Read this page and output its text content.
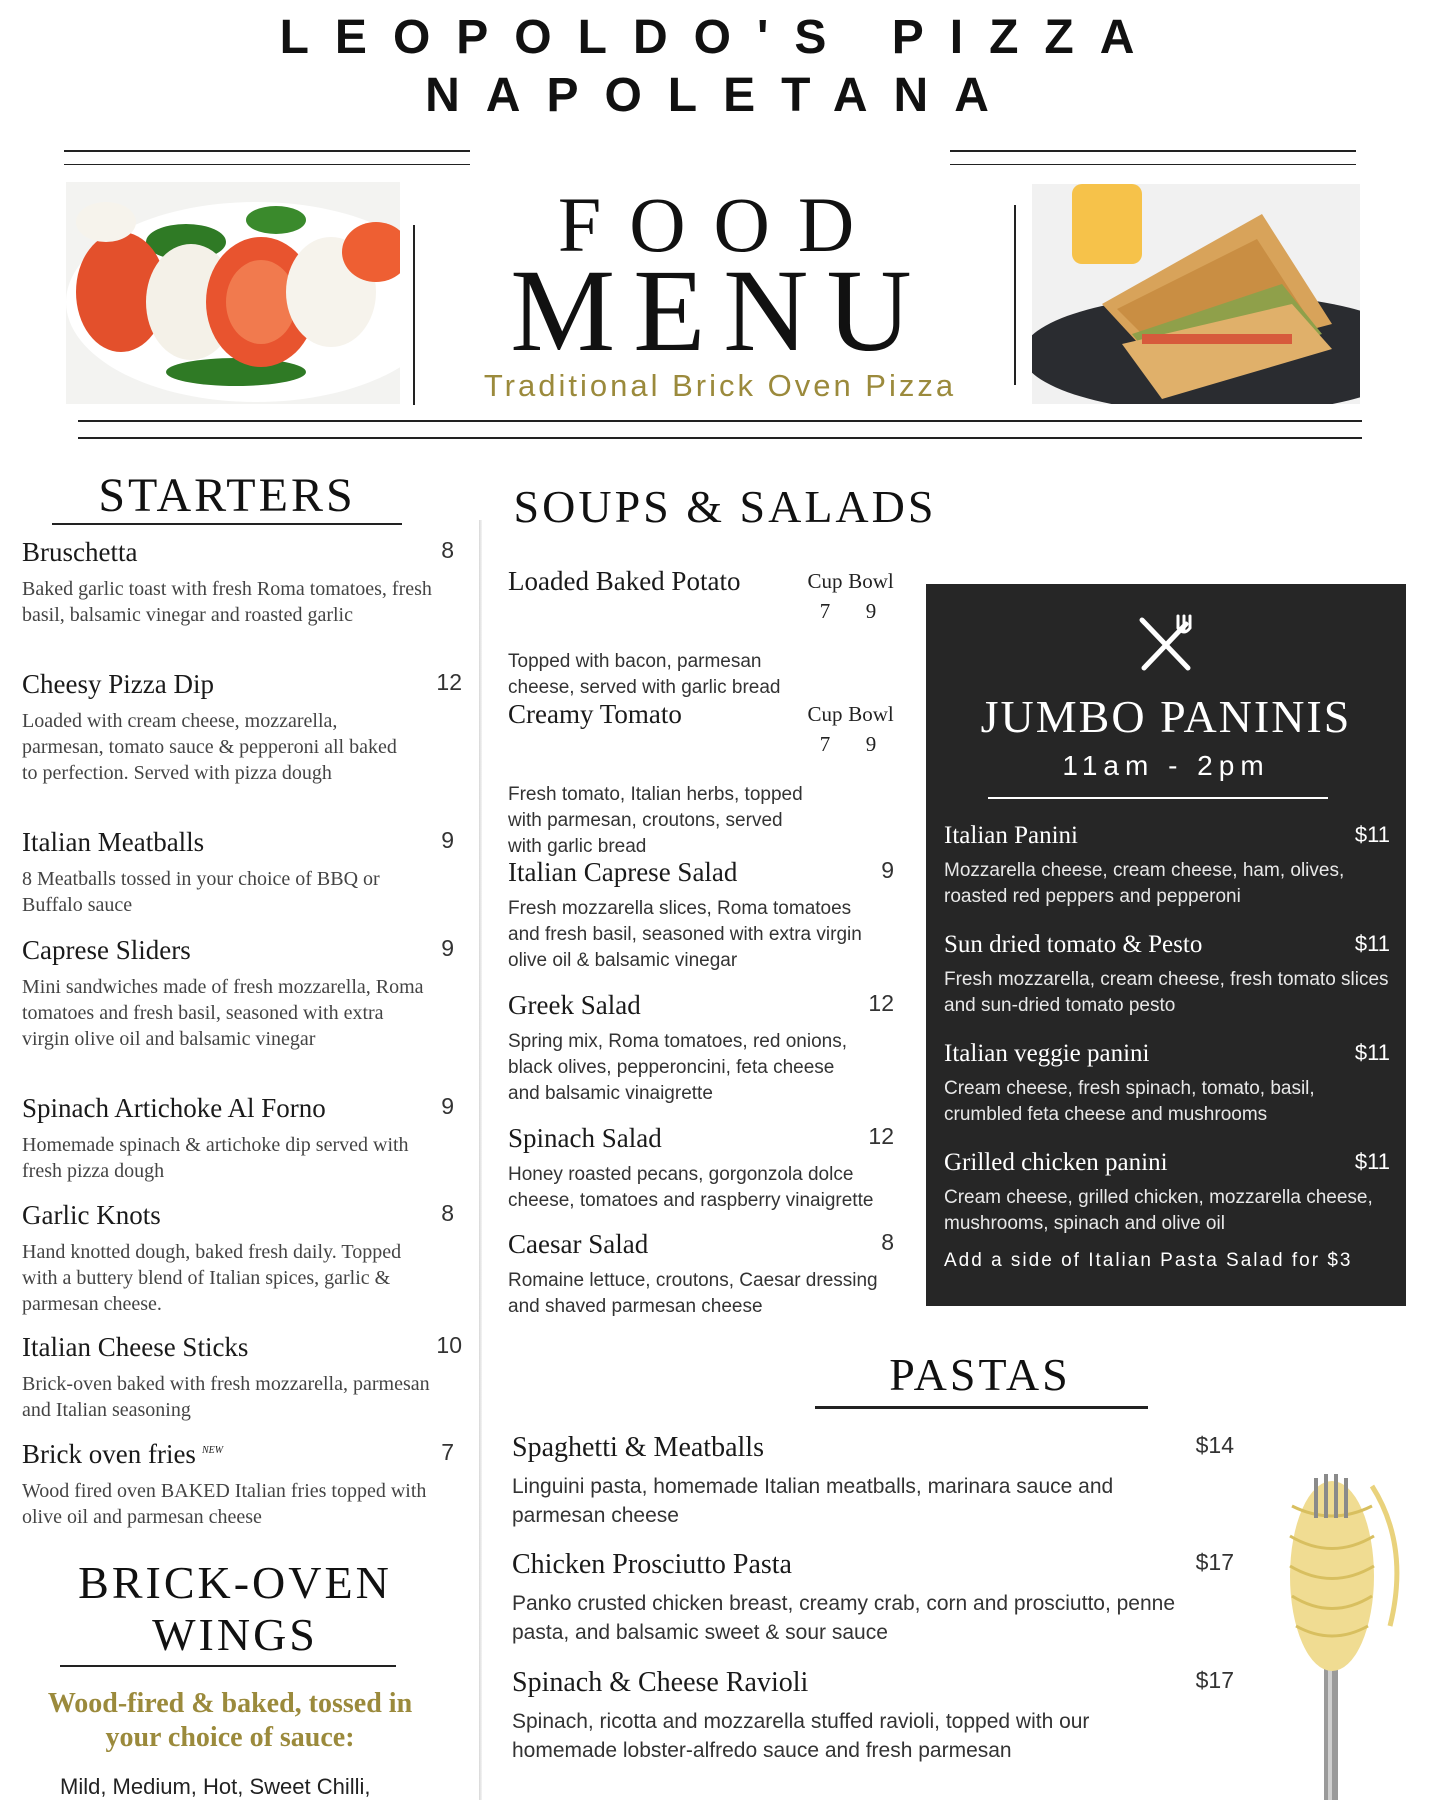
LEOPOLDO'S PIZZA
NAPOLETANA
FOOD
MENU
Traditional Brick Oven Pizza
STARTERS
Bruschetta	8
Baked garlic toast with fresh Roma tomatoes, fresh basil, balsamic vinegar and roasted garlic
Cheesy Pizza Dip	12
Loaded with cream cheese, mozzarella, parmesan, tomato sauce & pepperoni all baked to perfection. Served with pizza dough
Italian Meatballs	9
8 Meatballs tossed in your choice of BBQ or Buffalo sauce
Caprese Sliders	9
Mini sandwiches made of fresh mozzarella, Roma tomatoes and fresh basil, seasoned with extra virgin olive oil and balsamic vinegar
Spinach Artichoke Al Forno	9
Homemade spinach & artichoke dip served with fresh pizza dough
Garlic Knots	8
Hand knotted dough, baked fresh daily. Topped with a buttery blend of Italian spices, garlic & parmesan cheese.
Italian Cheese Sticks	10
Brick-oven baked with fresh mozzarella, parmesan and Italian seasoning
Brick oven fries $^{NEW}$	7
Wood fired oven BAKED Italian fries topped with olive oil and parmesan cheese
BRICK-OVEN
WINGS
Wood-fired & baked, tossed in your choice of sauce:
Mild, Medium, Hot, Sweet Chilli,
SOUPS & SALADS
Loaded Baked Potato	Cup Bowl
7 9
Topped with bacon, parmesan cheese, served with garlic bread
Creamy Tomato	Cup Bowl
7 9
Fresh tomato, Italian herbs, topped with parmesan, croutons, served with garlic bread
Italian Caprese Salad	9
Fresh mozzarella slices, Roma tomatoes and fresh basil, seasoned with extra virgin olive oil & balsamic vinegar
Greek Salad	12
Spring mix, Roma tomatoes, red onions, black olives, pepperoncini, feta cheese and balsamic vinaigrette
Spinach Salad	12
Honey roasted pecans, gorgonzola dolce cheese, tomatoes and raspberry vinaigrette
Caesar Salad	8
Romaine lettuce, croutons, Caesar dressing and shaved parmesan cheese
JUMBO PANINIS
11am - 2pm
Italian Panini	$11
Mozzarella cheese, cream cheese, ham, olives, roasted red peppers and pepperoni
Sun dried tomato & Pesto	$11
Fresh mozzarella, cream cheese, fresh tomato slices and sun-dried tomato pesto
Italian veggie panini	$11
Cream cheese, fresh spinach, tomato, basil, crumbled feta cheese and mushrooms
Grilled chicken panini	$11
Cream cheese, grilled chicken, mozzarella cheese, mushrooms, spinach and olive oil
Add a side of Italian Pasta Salad for $3
PASTAS
Spaghetti & Meatballs	$14
Linguini pasta, homemade Italian meatballs, marinara sauce and parmesan cheese
Chicken Prosciutto Pasta	$17
Panko crusted chicken breast, creamy crab, corn and prosciutto, penne pasta, and balsamic sweet & sour sauce
Spinach & Cheese Ravioli	$17
Spinach, ricotta and mozzarella stuffed ravioli, topped with our homemade lobster-alfredo sauce and fresh parmesan
